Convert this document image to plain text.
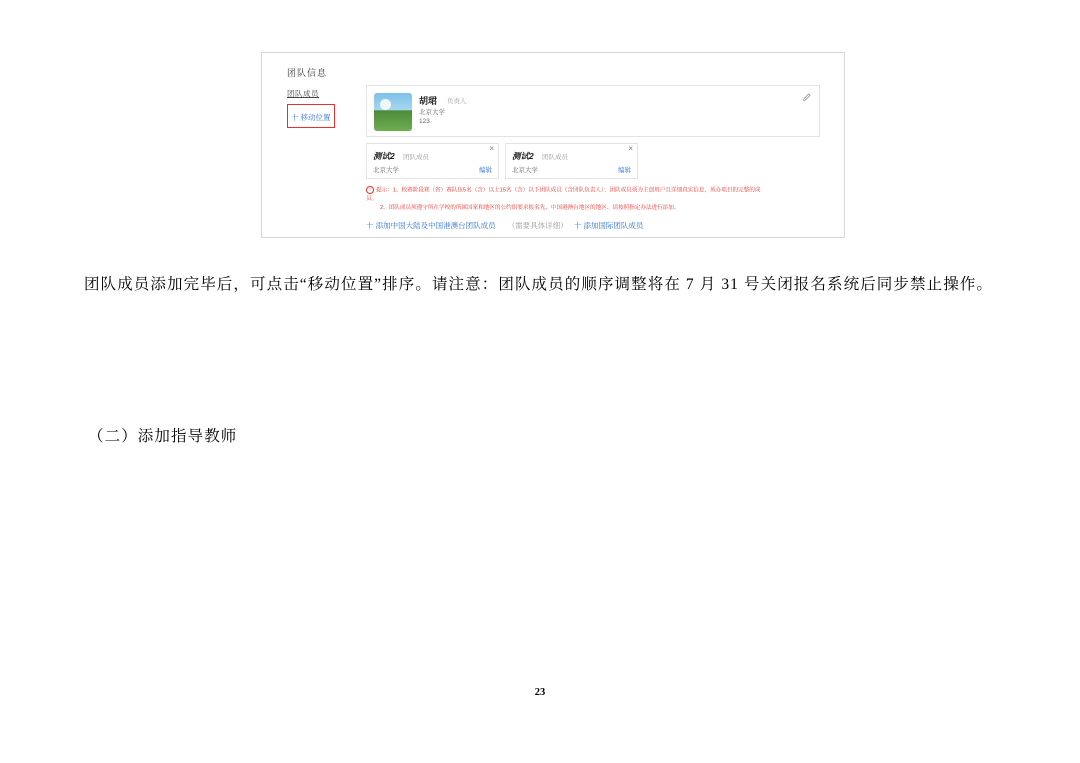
团队信息
团队成员
十 移动位置
胡珺 负责人
北京大学
123
测试2 团队成员
北京大学	编辑
×
测试2 团队成员
北京大学	编辑
×
! 提示：1、校赛阶段赛（省）赛队伍5名（含）以上15名（含）以下团队成员（含团队负责人）；团队成员须为主创用户且详细真实信息，须办项目的完整的成员。
2、团队成员须遵守所在学校的所属国家和地区的公约组要求报名先、中国港澳台地区的地区、请按照指定办法进行添加。
十 添加中国大陆及中国港澳台团队成员 （需要具体详细） 十 添加国际团队成员
团队成员添加完毕后，可点击“移动位置”排序。请注意：团队成员的顺序调整将在 7 月 31 号关闭报名系统后同步禁止操作。
（二）添加指导教师
23
